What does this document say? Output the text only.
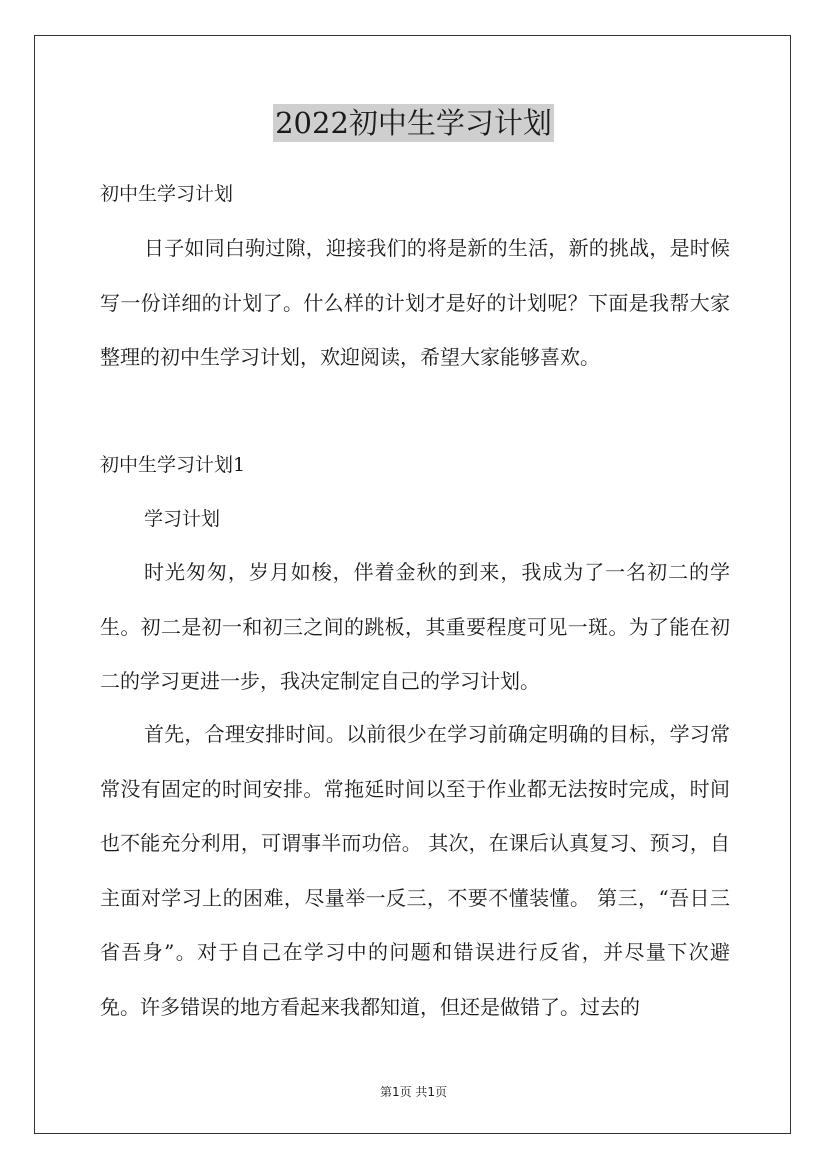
2022初中生学习计划
初中生学习计划

日子如同白驹过隙，迎接我们的将是新的生活，新的挑战，是时候写一份详细的计划了。什么样的计划才是好的计划呢？下面是我帮大家整理的初中生学习计划，欢迎阅读，希望大家能够喜欢。

初中生学习计划1
学习计划

时光匆匆，岁月如梭，伴着金秋的到来，我成为了一名初二的学生。初二是初一和初三之间的跳板，其重要程度可见一斑。为了能在初二的学习更进一步，我决定制定自己的学习计划。

首先，合理安排时间。以前很少在学习前确定明确的目标，学习常常没有固定的时间安排。常拖延时间以至于作业都无法按时完成，时间也不能充分利用，可谓事半而功倍。 其次，在课后认真复习、预习，自主面对学习上的困难，尽量举一反三，不要不懂装懂。 第三，“吾日三省吾身”。对于自己在学习中的问题和错误进行反省，并尽量下次避免。许多错误的地方看起来我都知道，但还是做错了。过去的

第1页 共1页
